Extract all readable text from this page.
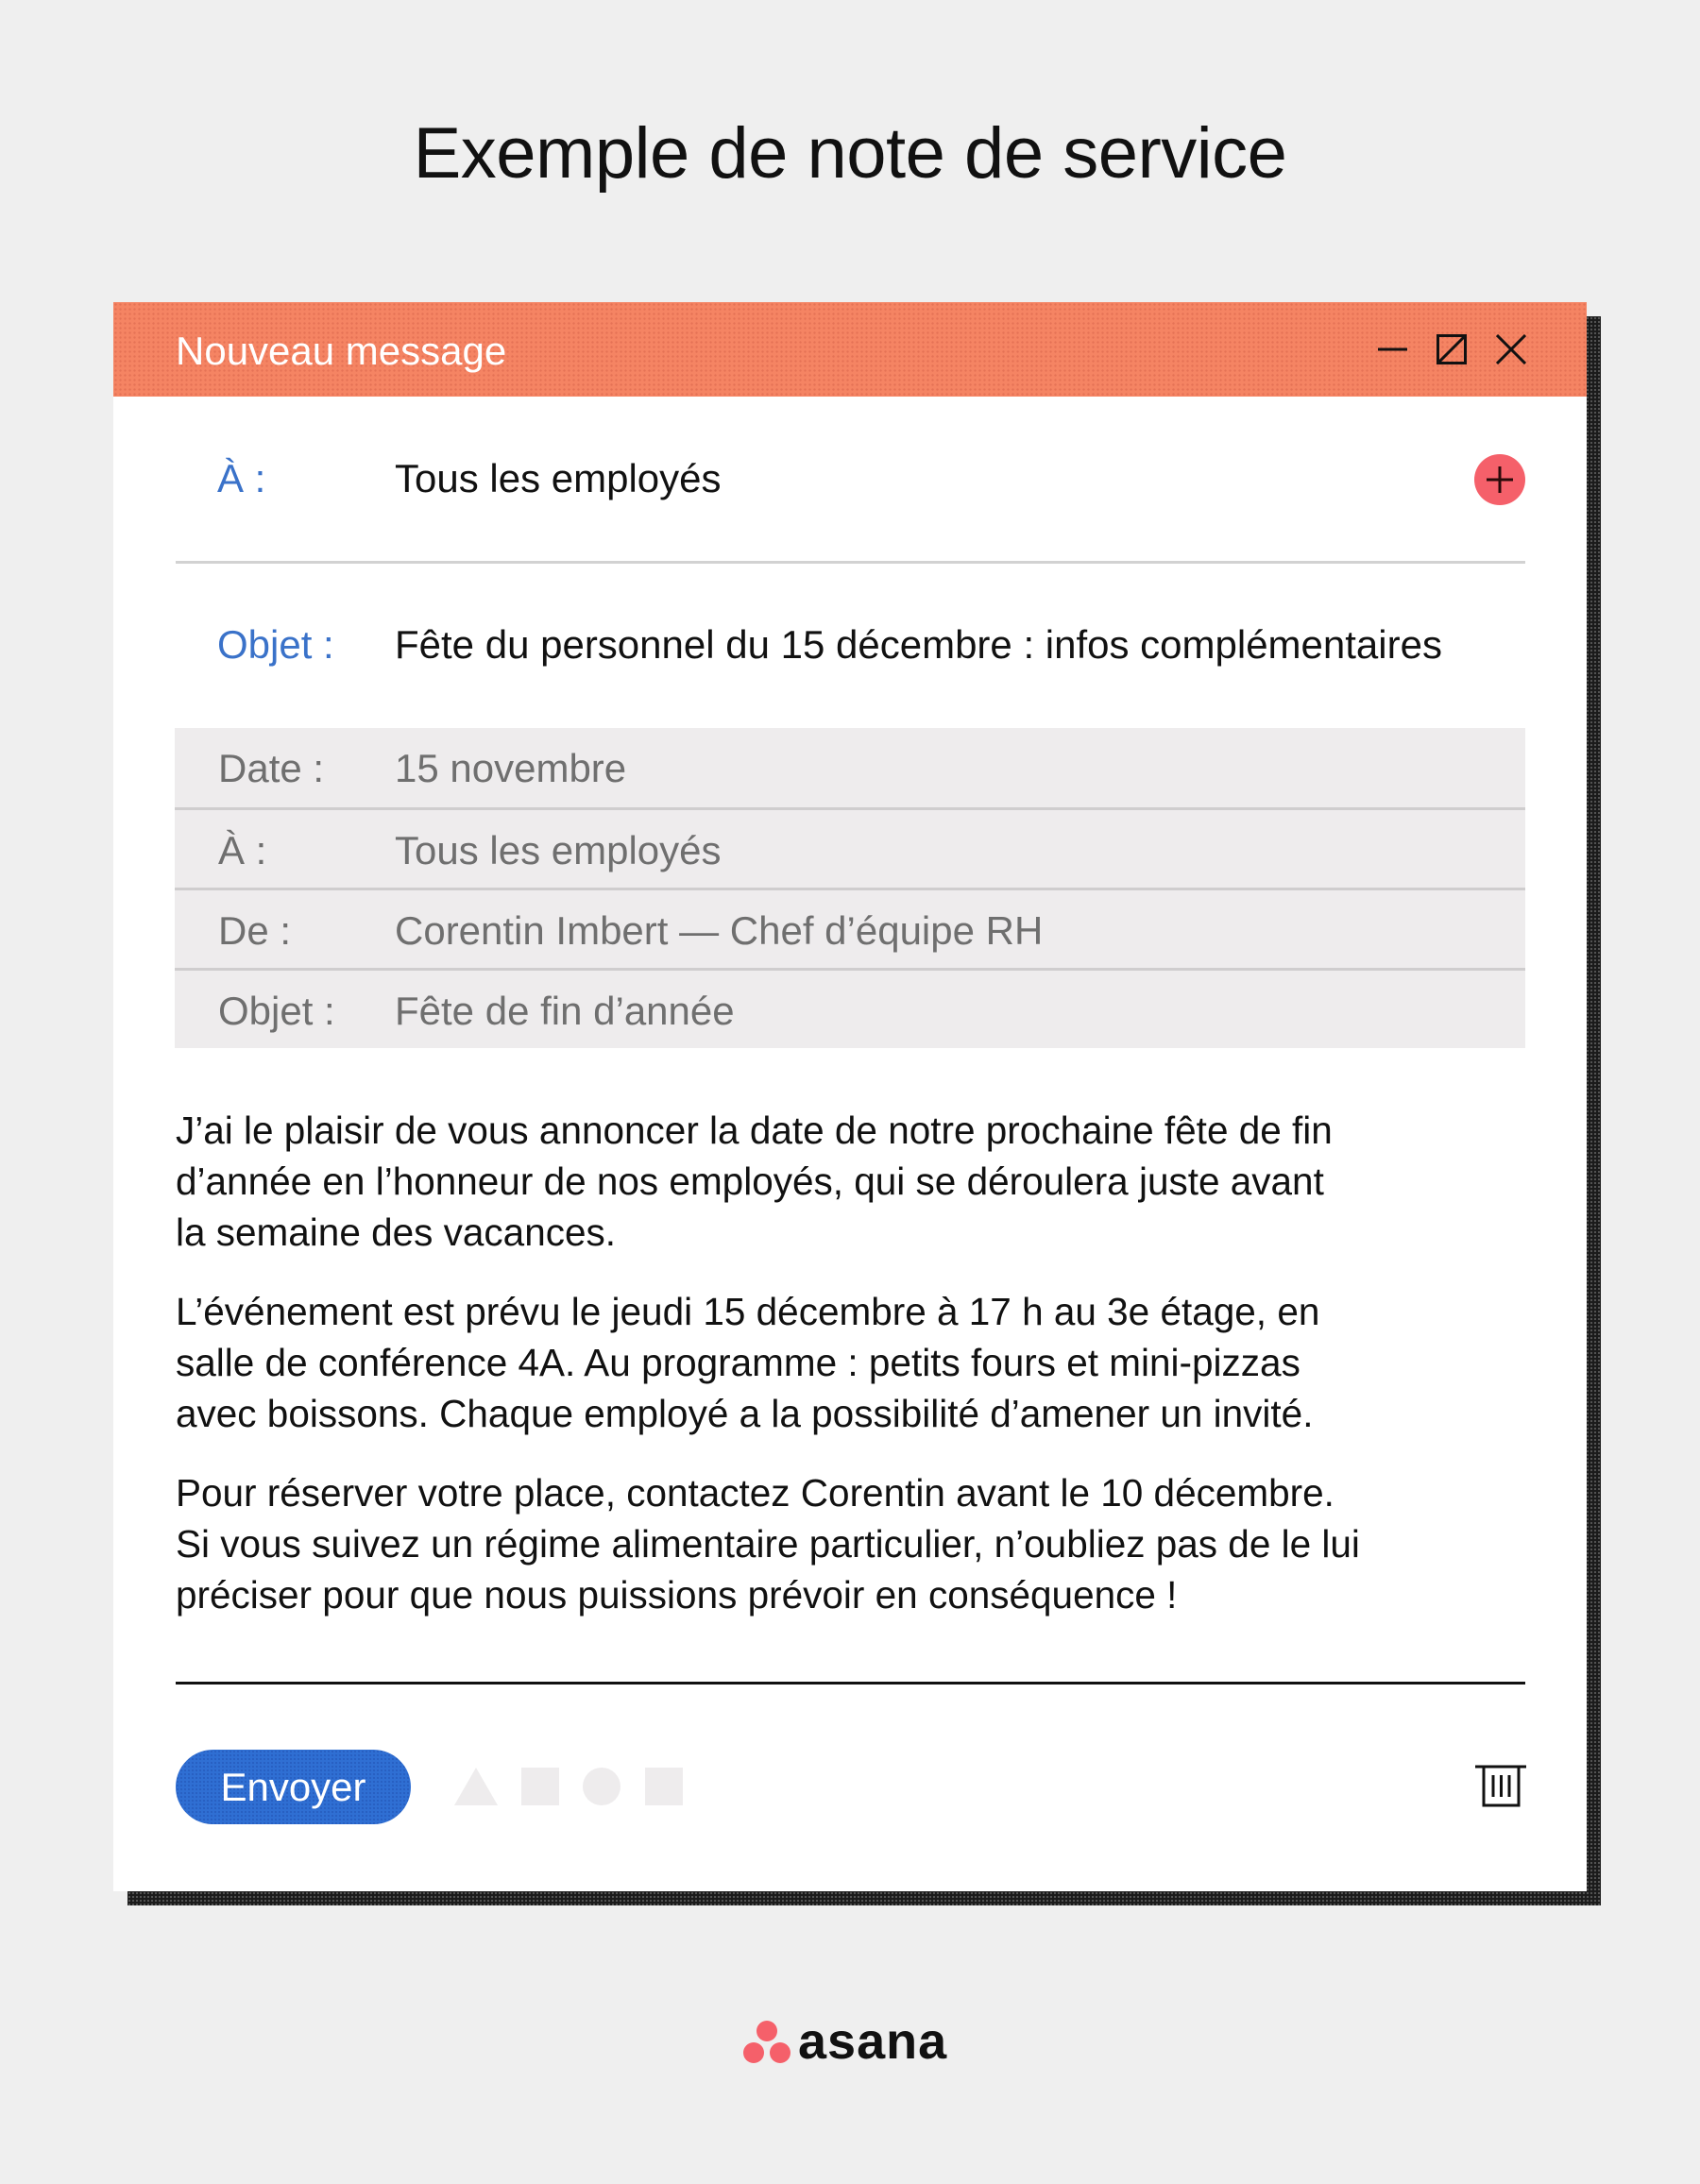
Exemple de note de service
Nouveau message
À :	Tous les employés
Objet : Fête du personnel du 15 décembre : infos complémentaires
Date : 15 novembre
À :	Tous les employés
De :	Corentin Imbert — Chef d’équipe RH
Objet : Fête de fin d’année

J’ai le plaisir de vous annoncer la date de notre prochaine fête de fin
d’année en l’honneur de nos employés, qui se déroulera juste avant
la semaine des vacances.

L’événement est prévu le jeudi 15 décembre à 17 h au 3e étage, en
salle de conférence 4A. Au programme : petits fours et mini-pizzas
avec boissons. Chaque employé a la possibilité d’amener un invité.

Pour réserver votre place, contactez Corentin avant le 10 décembre.
Si vous suivez un régime alimentaire particulier, n’oubliez pas de le lui
préciser pour que nous puissions prévoir en conséquence !

Envoyer
asana
